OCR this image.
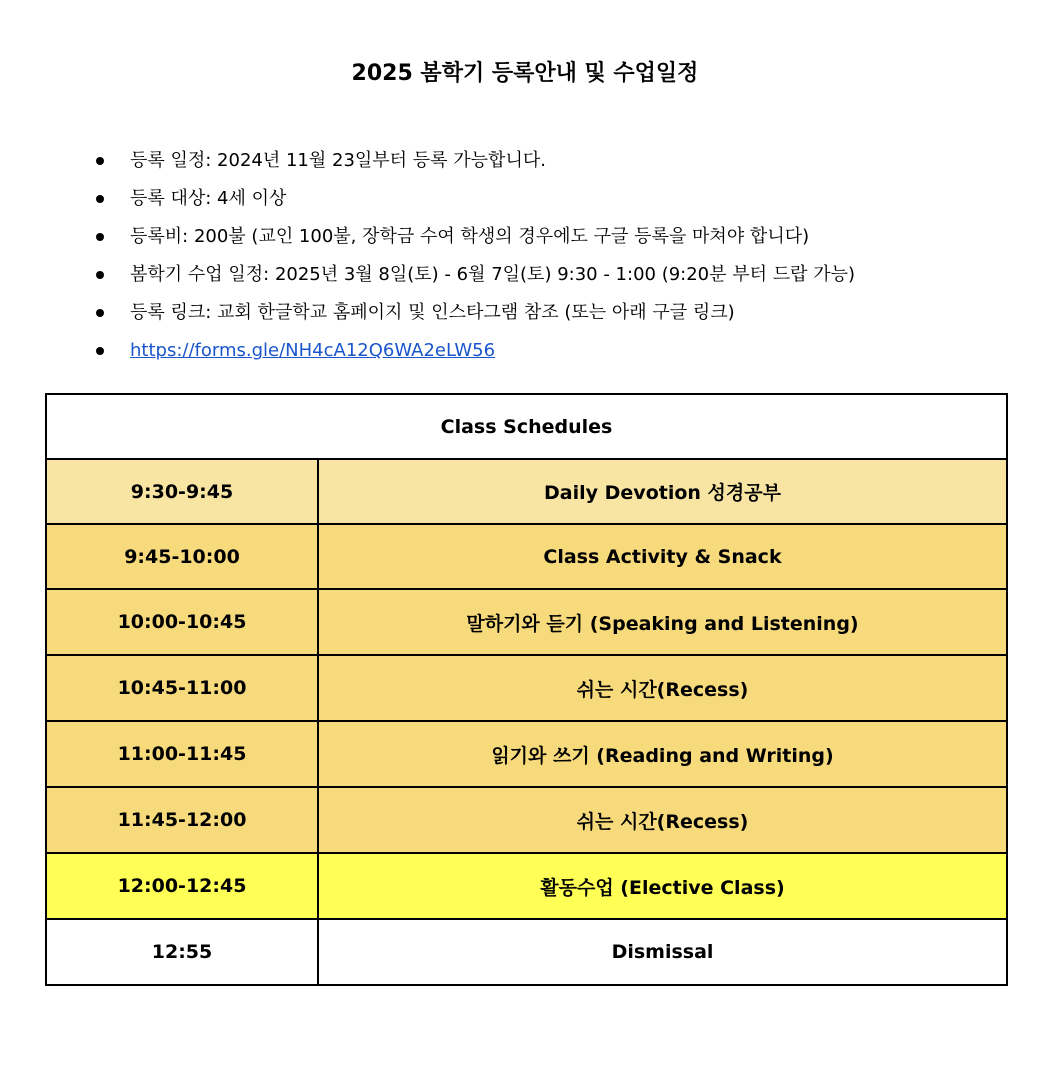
2025 봄학기 등록안내 및 수업일정
등록 일정: 2024년 11월 23일부터 등록 가능합니다.
등록 대상: 4세 이상
등록비: 200불 (교인 100불, 장학금 수여 학생의 경우에도 구글 등록을 마쳐야 합니다)
봄학기 수업 일정: 2025년 3월 8일(토) - 6월 7일(토) 9:30 - 1:00 (9:20분 부터 드랍 가능)
등록 링크: 교회 한글학교 홈페이지 및 인스타그램 참조 (또는 아래 구글 링크)
https://forms.gle/NH4cA12Q6WA2eLW56
Class Schedules	
9:30-9:45	Daily Devotion 성경공부
9:45-10:00	Class Activity & Snack
10:00-10:45	말하기와 듣기 (Speaking and Listening)
10:45-11:00	쉬는 시간(Recess)
11:00-11:45	읽기와 쓰기 (Reading and Writing)
11:45-12:00	쉬는 시간(Recess)
12:00-12:45	활동수업 (Elective Class)
12:55	Dismissal
